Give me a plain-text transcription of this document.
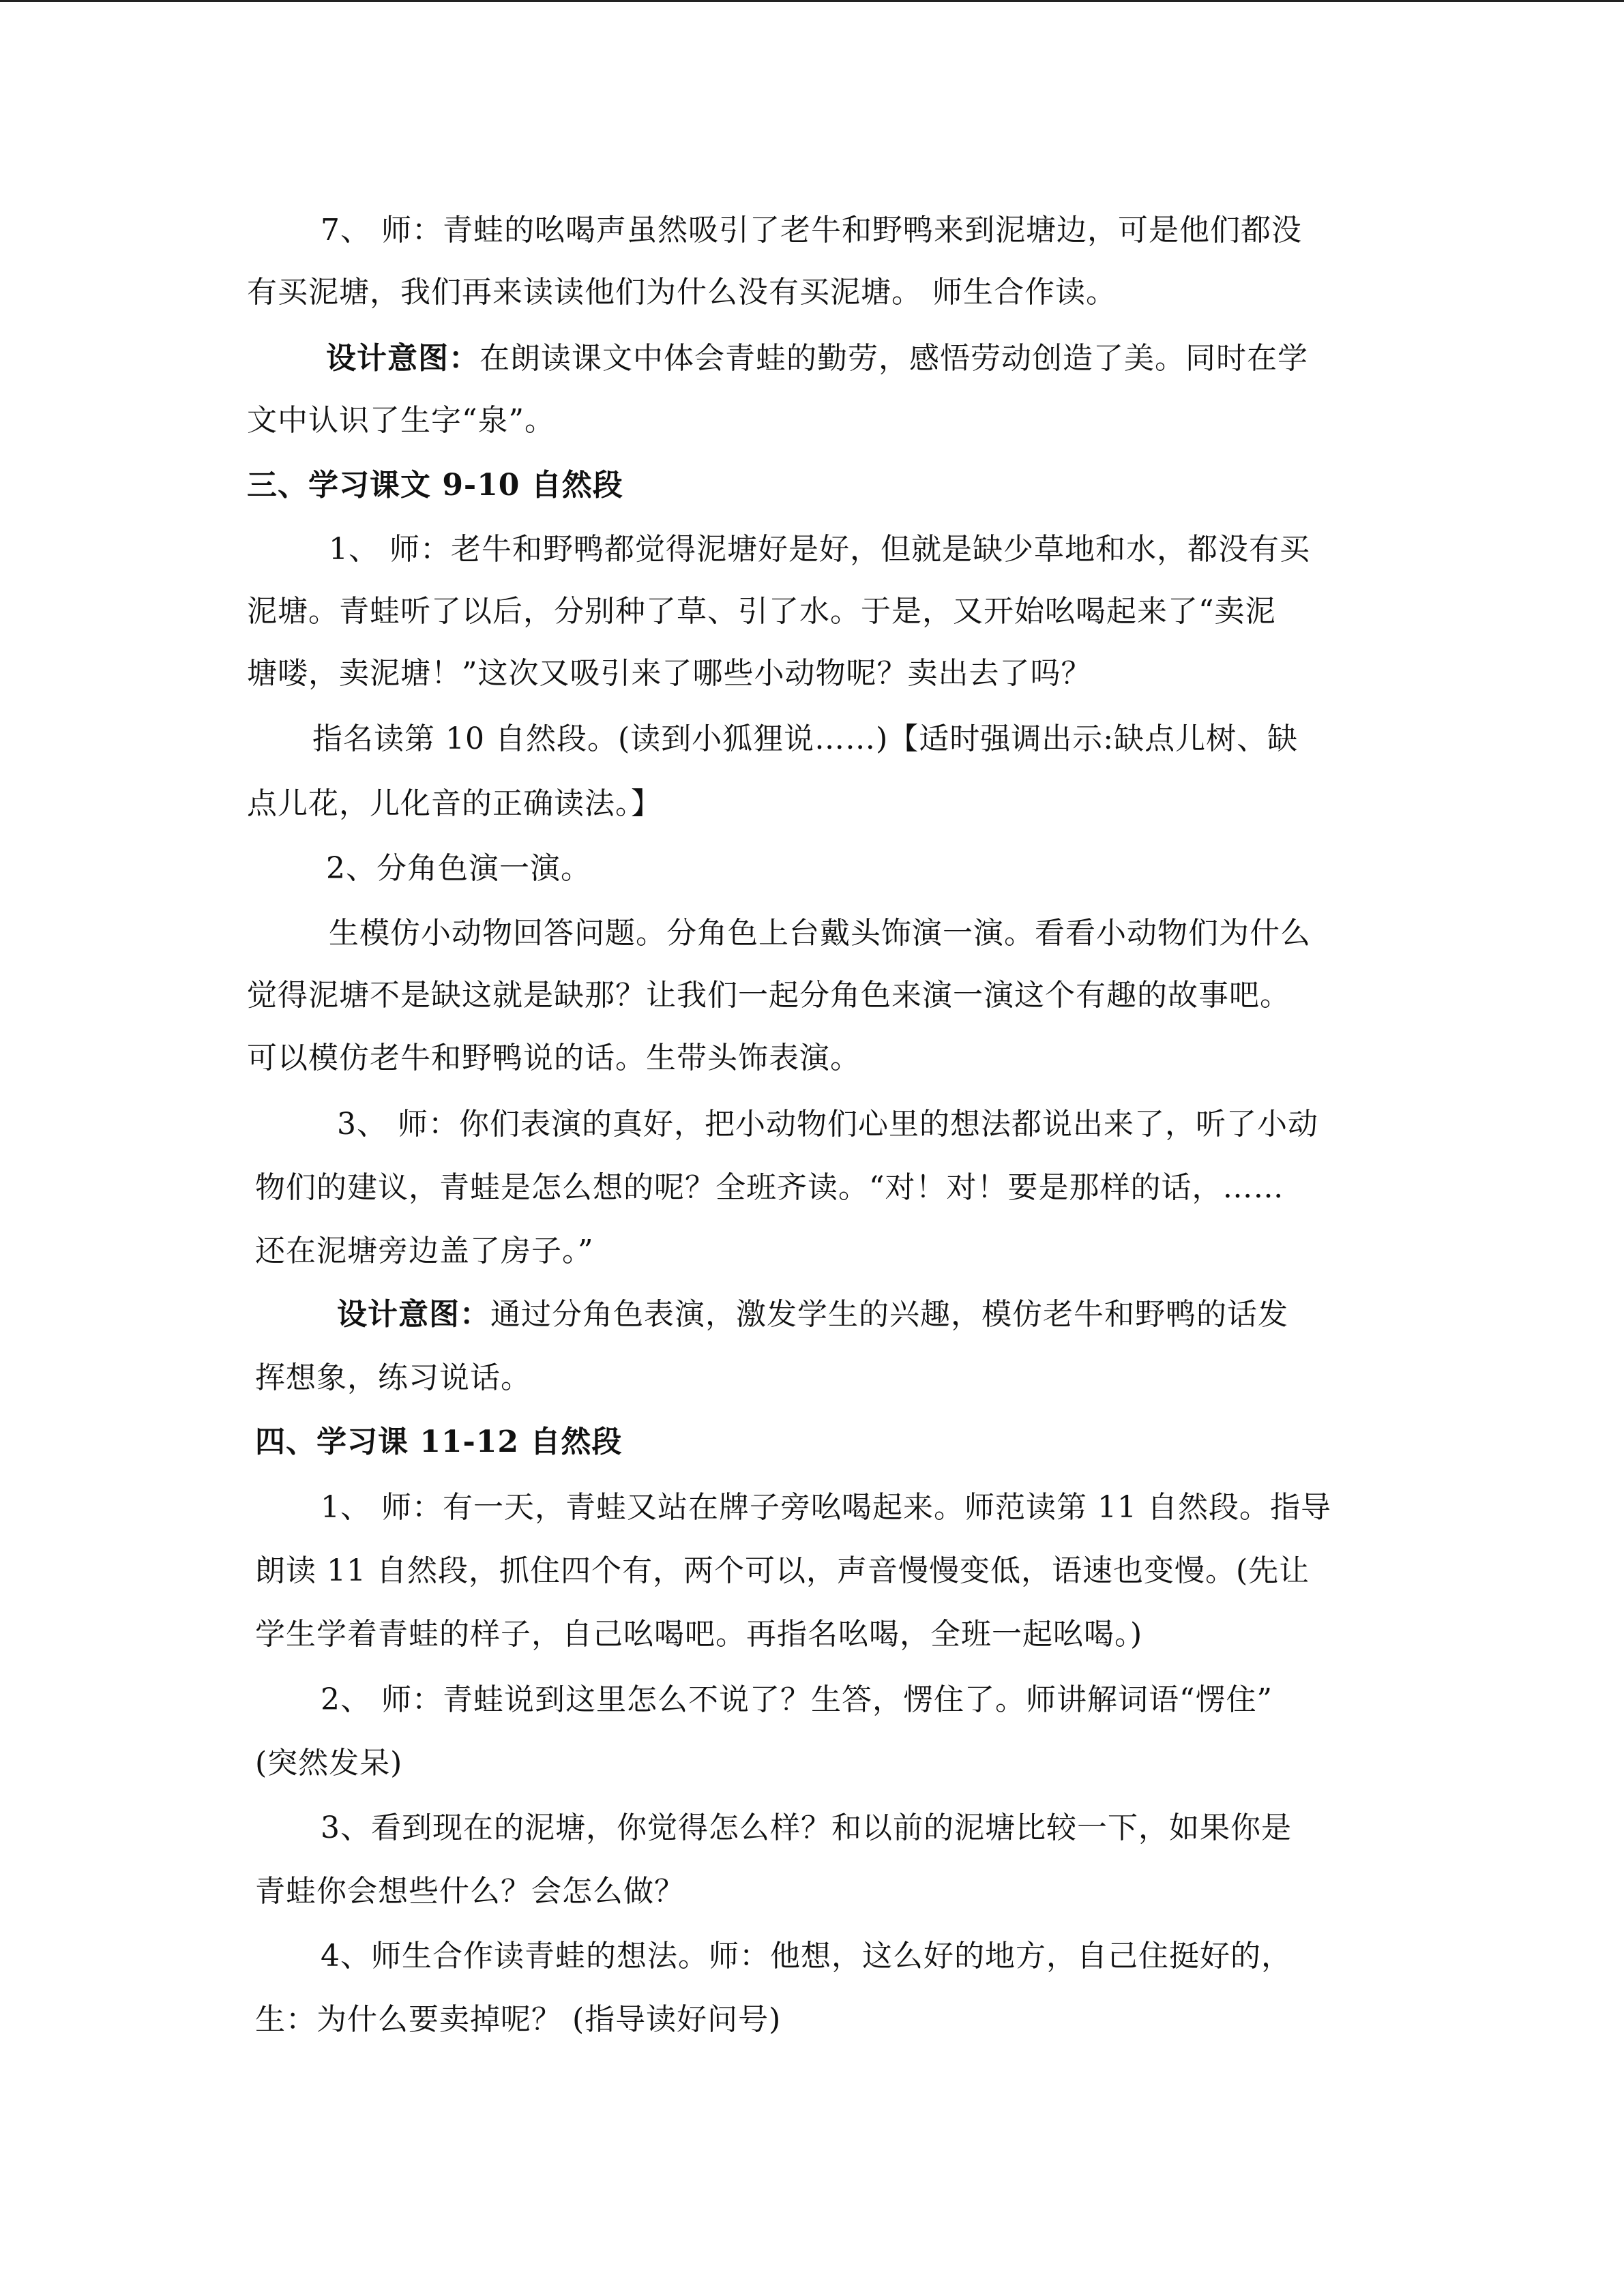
7、 师：青蛙的吆喝声虽然吸引了老牛和野鸭来到泥塘边，可是他们都没
有买泥塘，我们再来读读他们为什么没有买泥塘。 师生合作读。
设计意图：在朗读课文中体会青蛙的勤劳，感悟劳动创造了美。同时在学
文中认识了生字“泉”。
三、学习课文 9-10 自然段
1、 师：老牛和野鸭都觉得泥塘好是好，但就是缺少草地和水，都没有买
泥塘。青蛙听了以后，分别种了草、引了水。于是，又开始吆喝起来了“卖泥
塘喽，卖泥塘！”这次又吸引来了哪些小动物呢？卖出去了吗？
指名读第 10 自然段。(读到小狐狸说……)【适时强调出示:缺点儿树、缺
点儿花，儿化音的正确读法。】
2、分角色演一演。
生模仿小动物回答问题。分角色上台戴头饰演一演。看看小动物们为什么
觉得泥塘不是缺这就是缺那？让我们一起分角色来演一演这个有趣的故事吧。
可以模仿老牛和野鸭说的话。生带头饰表演。
3、 师：你们表演的真好，把小动物们心里的想法都说出来了，听了小动
物们的建议，青蛙是怎么想的呢？全班齐读。“对！对！要是那样的话，……
还在泥塘旁边盖了房子。”
设计意图：通过分角色表演，激发学生的兴趣，模仿老牛和野鸭的话发
挥想象，练习说话。
四、学习课 11-12 自然段
1、 师：有一天，青蛙又站在牌子旁吆喝起来。师范读第 11 自然段。指导
朗读 11 自然段，抓住四个有，两个可以，声音慢慢变低，语速也变慢。(先让
学生学着青蛙的样子，自己吆喝吧。再指名吆喝，全班一起吆喝。)
2、 师：青蛙说到这里怎么不说了？生答，愣住了。师讲解词语“愣住”
(突然发呆)
3、看到现在的泥塘，你觉得怎么样？和以前的泥塘比较一下，如果你是
青蛙你会想些什么？会怎么做？
4、师生合作读青蛙的想法。师：他想，这么好的地方，自己住挺好的，
生：为什么要卖掉呢？ (指导读好问号)
